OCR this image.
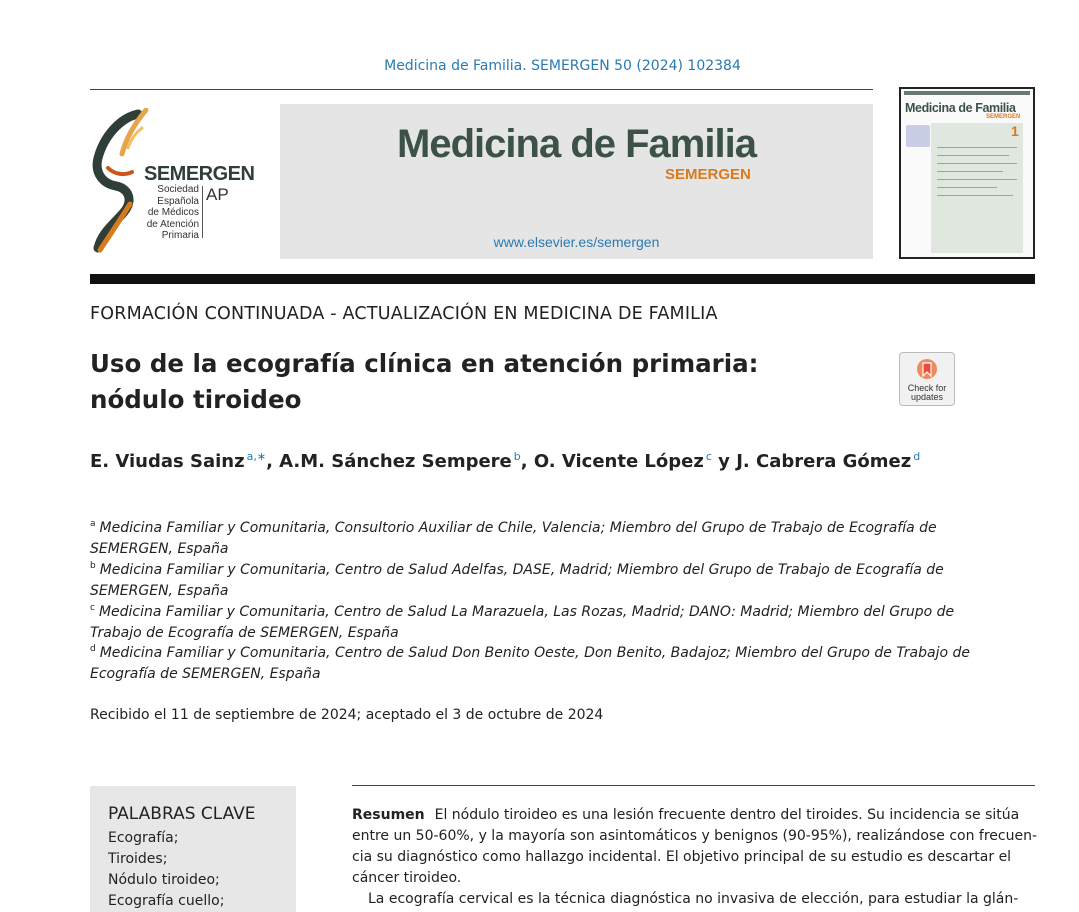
Medicina de Familia. SEMERGEN 50 (2024) 102384
SEMERGEN
Sociedad
Española
de Médicos
de Atención
Primaria
AP
Medicina de Familia
SEMERGEN
www.elsevier.es/semergen
Medicina de Familia
SEMERGEN
1
FORMACIÓN CONTINUADA - ACTUALIZACIÓN EN MEDICINA DE FAMILIA
Uso de la ecografía clínica en atención primaria:
nódulo tiroideo	Check for
updates
E. Viudas Sainz $^{a,∗}$, A.M. Sánchez Sempere $^b$, O. Vicente López $^c$ y J. Cabrera Gómez $^d$
$^a$ Medicina Familiar y Comunitaria, Consultorio Auxiliar de Chile, Valencia; Miembro del Grupo de Trabajo de Ecografía de
SEMERGEN, España
$^b$ Medicina Familiar y Comunitaria, Centro de Salud Adelfas, DASE, Madrid; Miembro del Grupo de Trabajo de Ecografía de
SEMERGEN, España
$^c$ Medicina Familiar y Comunitaria, Centro de Salud La Marazuela, Las Rozas, Madrid; DANO: Madrid; Miembro del Grupo de
Trabajo de Ecografía de SEMERGEN, España
$^d$ Medicina Familiar y Comunitaria, Centro de Salud Don Benito Oeste, Don Benito, Badajoz; Miembro del Grupo de Trabajo de
Ecografía de SEMERGEN, España
Recibido el 11 de septiembre de 2024; aceptado el 3 de octubre de 2024
PALABRAS CLAVE
Ecografía;
Tiroides;
Nódulo tiroideo;
Ecografía cuello;
Resumen El nódulo tiroideo es una lesión frecuente dentro del tiroides. Su incidencia se sitúa
entre un 50-60%, y la mayoría son asintomáticos y benignos (90-95%), realizándose con frecuen-
cia su diagnóstico como hallazgo incidental. El objetivo principal de su estudio es descartar el
cáncer tiroideo.
La ecografía cervical es la técnica diagnóstica no invasiva de elección, para estudiar la glán-
